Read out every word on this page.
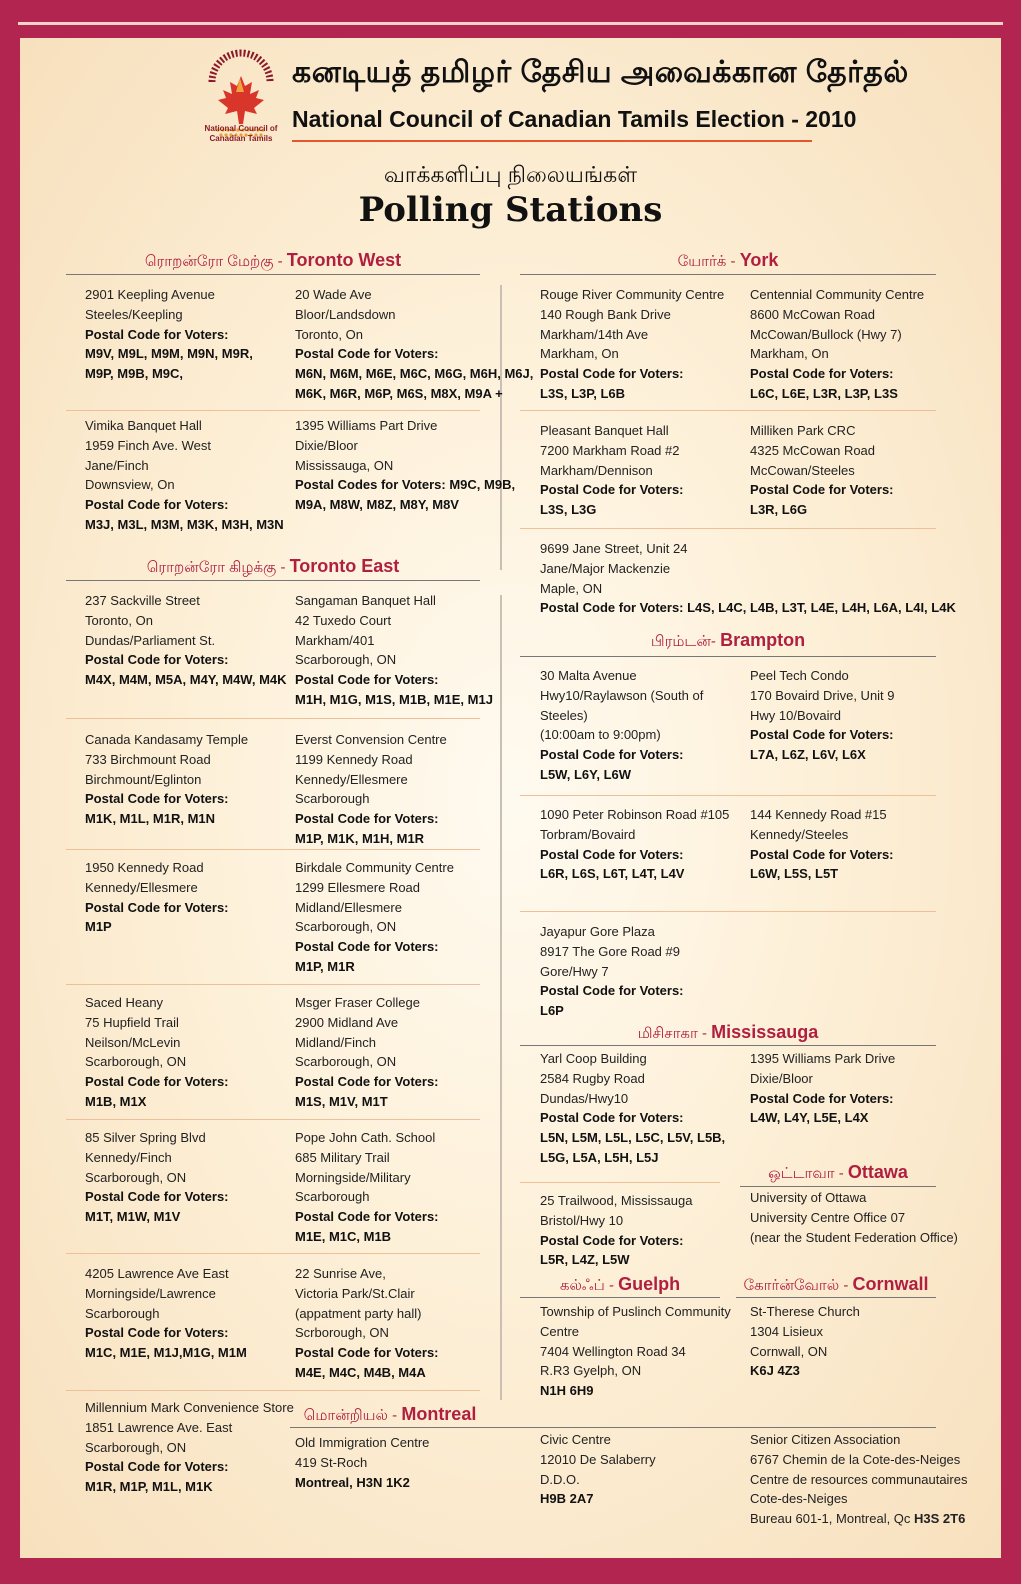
National Council of Canadian Tamils
கனடியத் தமிழர் தேசிய அவைக்கான தேர்தல்
National Council of Canadian Tamils Election - 2010
வாக்களிப்பு நிலையங்கள்
Polling Stations
ரொறன்ரோ மேற்கு - Toronto West	யோர்க் - York
ரொறன்ரோ கிழக்கு - Toronto East
பிரம்டன்- Brampton
மிசிசாகா - Mississauga
ஒட்டாவா - Ottawa
கல்ஃப் - Guelph	கோர்ன்வோல் - Cornwall
மொன்றியல் - Montreal
2901 Keepling Avenue
Steeles/Keepling
Postal Code for Voters:
M9V, M9L, M9M, M9N, M9R,
M9P, M9B, M9C,
20 Wade Ave
Bloor/Landsdown
Toronto, On
Postal Code for Voters:
M6N, M6M, M6E, M6C, M6G, M6H, M6J,
M6K, M6R, M6P, M6S, M8X, M9A +
Vimika Banquet Hall
1959 Finch Ave. West
Jane/Finch
Downsview, On
Postal Code for Voters:
M3J, M3L, M3M, M3K, M3H, M3N
1395 Williams Part Drive
Dixie/Bloor
Mississauga, ON
Postal Codes for Voters: M9C, M9B,
M9A, M8W, M8Z, M8Y, M8V
237 Sackville Street
Toronto, On
Dundas/Parliament St.
Postal Code for Voters:
M4X, M4M, M5A, M4Y, M4W, M4K
Sangaman Banquet Hall
42 Tuxedo Court
Markham/401
Scarborough, ON
Postal Code for Voters:
M1H, M1G, M1S, M1B, M1E, M1J
Canada Kandasamy Temple
733 Birchmount Road
Birchmount/Eglinton
Postal Code for Voters:
M1K, M1L, M1R, M1N
Everst Convension Centre
1199 Kennedy Road
Kennedy/Ellesmere
Scarborough
Postal Code for Voters:
M1P, M1K, M1H, M1R
1950 Kennedy Road
Kennedy/Ellesmere
Postal Code for Voters:
M1P
Birkdale Community Centre
1299 Ellesmere Road
Midland/Ellesmere
Scarborough, ON
Postal Code for Voters:
M1P, M1R
Saced Heany
75 Hupfield Trail
Neilson/McLevin
Scarborough, ON
Postal Code for Voters:
M1B, M1X
Msger Fraser College
2900 Midland Ave
Midland/Finch
Scarborough, ON
Postal Code for Voters:
M1S, M1V, M1T
85 Silver Spring Blvd
Kennedy/Finch
Scarborough, ON
Postal Code for Voters:
M1T, M1W, M1V
Pope John Cath. School
685 Military Trail
Morningside/Military
Scarborough
Postal Code for Voters:
M1E, M1C, M1B
4205 Lawrence Ave East
Morningside/Lawrence
Scarborough
Postal Code for Voters:
M1C, M1E, M1J,M1G, M1M
22 Sunrise Ave,
Victoria Park/St.Clair
(appatment party hall)
Scrborough, ON
Postal Code for Voters:
M4E, M4C, M4B, M4A
Millennium Mark Convenience Store
1851 Lawrence Ave. East
Scarborough, ON
Postal Code for Voters:
M1R, M1P, M1L, M1K
Rouge River Community Centre
140 Rough Bank Drive
Markham/14th Ave
Markham, On
Postal Code for Voters:
L3S, L3P, L6B
Centennial Community Centre
8600 McCowan Road
McCowan/Bullock (Hwy 7)
Markham, On
Postal Code for Voters:
L6C, L6E, L3R, L3P, L3S
Pleasant Banquet Hall
7200 Markham Road #2
Markham/Dennison
Postal Code for Voters:
L3S, L3G
Milliken Park CRC
4325 McCowan Road
McCowan/Steeles
Postal Code for Voters:
L3R, L6G
9699 Jane Street, Unit 24
Jane/Major Mackenzie
Maple, ON
Postal Code for Voters: L4S, L4C, L4B, L3T, L4E, L4H, L6A, L4I, L4K
30 Malta Avenue
Hwy10/Raylawson (South of
Steeles)
(10:00am to 9:00pm)
Postal Code for Voters:
L5W, L6Y, L6W
Peel Tech Condo
170 Bovaird Drive, Unit 9
Hwy 10/Bovaird
Postal Code for Voters:
L7A, L6Z, L6V, L6X
1090 Peter Robinson Road #105
Torbram/Bovaird
Postal Code for Voters:
L6R, L6S, L6T, L4T, L4V
144 Kennedy Road #15
Kennedy/Steeles
Postal Code for Voters:
L6W, L5S, L5T
Jayapur Gore Plaza
8917 The Gore Road #9
Gore/Hwy 7
Postal Code for Voters:
L6P
Yarl Coop Building
2584 Rugby Road
Dundas/Hwy10
Postal Code for Voters:
L5N, L5M, L5L, L5C, L5V, L5B,
L5G, L5A, L5H, L5J
1395 Williams Park Drive
Dixie/Bloor
Postal Code for Voters:
L4W, L4Y, L5E, L4X
25 Trailwood, Mississauga
Bristol/Hwy 10
Postal Code for Voters:
L5R, L4Z, L5W
University of Ottawa
University Centre Office 07
(near the Student Federation Office)
Township of Puslinch Community
Centre
7404 Wellington Road 34
R.R3 Gyelph, ON
N1H 6H9
St-Therese Church
1304 Lisieux
Cornwall, ON
K6J 4Z3
Old Immigration Centre
419 St-Roch
Montreal, H3N 1K2
Civic Centre
12010 De Salaberry
D.D.O.
H9B 2A7
Senior Citizen Association
6767 Chemin de la Cote-des-Neiges
Centre de resources communautaires
Cote-des-Neiges
Bureau 601-1, Montreal, Qc H3S 2T6
